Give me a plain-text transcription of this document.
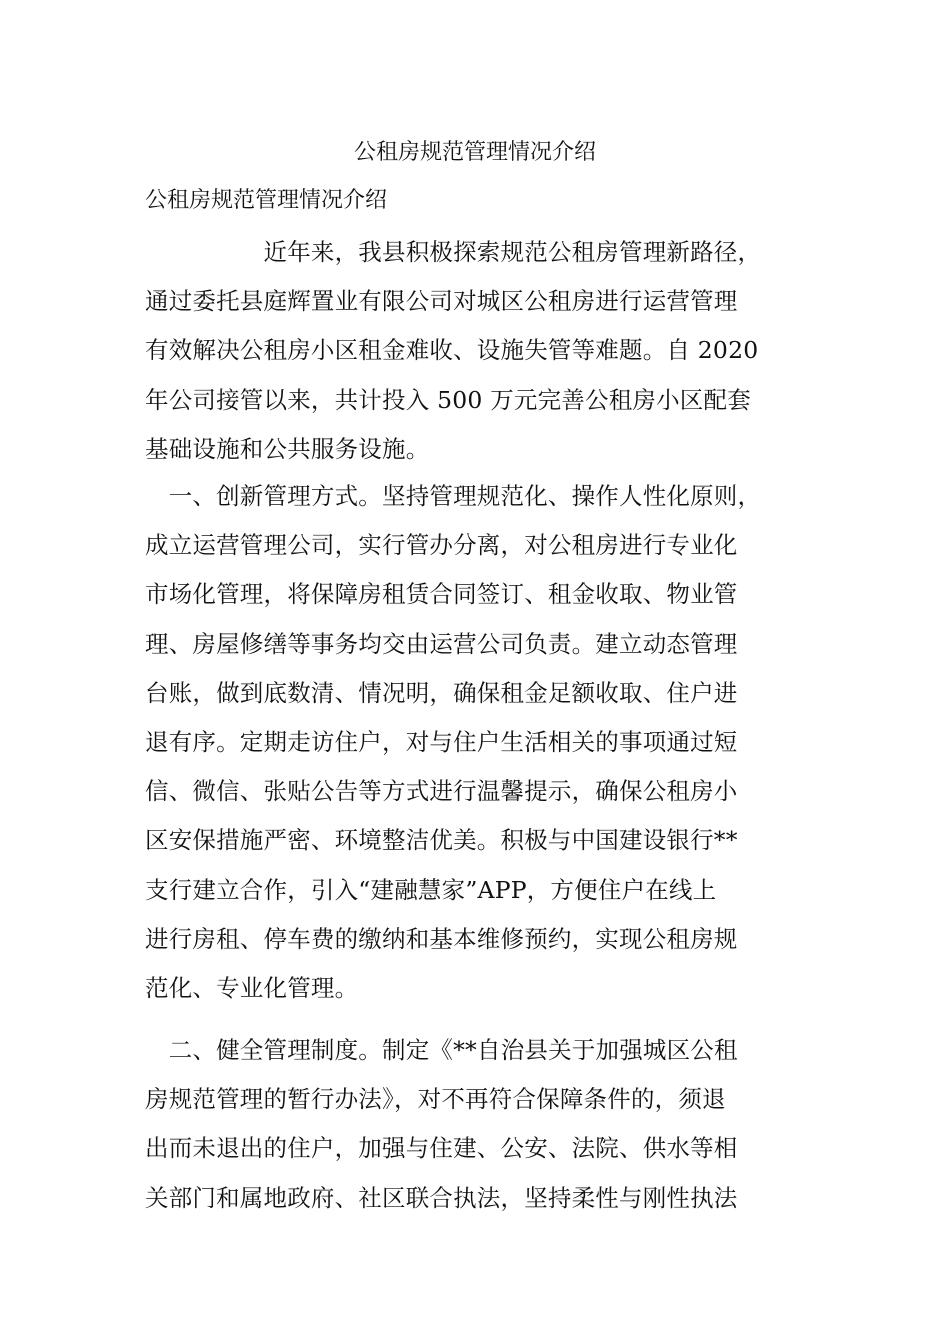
公租房规范管理情况介绍

公租房规范管理情况介绍

　　　　　近年来，我县积极探索规范公租房管理新路径，
通过委托县庭辉置业有限公司对城区公租房进行运营管理
有效解决公租房小区租金难收、设施失管等难题。自 2020
年公司接管以来，共计投入 500 万元完善公租房小区配套
基础设施和公共服务设施。
　一、创新管理方式。坚持管理规范化、操作人性化原则，
成立运营管理公司，实行管办分离，对公租房进行专业化
市场化管理，将保障房租赁合同签订、租金收取、物业管
理、房屋修缮等事务均交由运营公司负责。建立动态管理
台账，做到底数清、情况明，确保租金足额收取、住户进
退有序。定期走访住户，对与住户生活相关的事项通过短
信、微信、张贴公告等方式进行温馨提示，确保公租房小
区安保措施严密、环境整洁优美。积极与中国建设银行**
支行建立合作，引入“建融慧家”APP，方便住户在线上
进行房租、停车费的缴纳和基本维修预约，实现公租房规
范化、专业化管理。
　二、健全管理制度。制定《**自治县关于加强城区公租
房规范管理的暂行办法》，对不再符合保障条件的，须退
出而未退出的住户，加强与住建、公安、法院、供水等相
关部门和属地政府、社区联合执法，坚持柔性与刚性执法
